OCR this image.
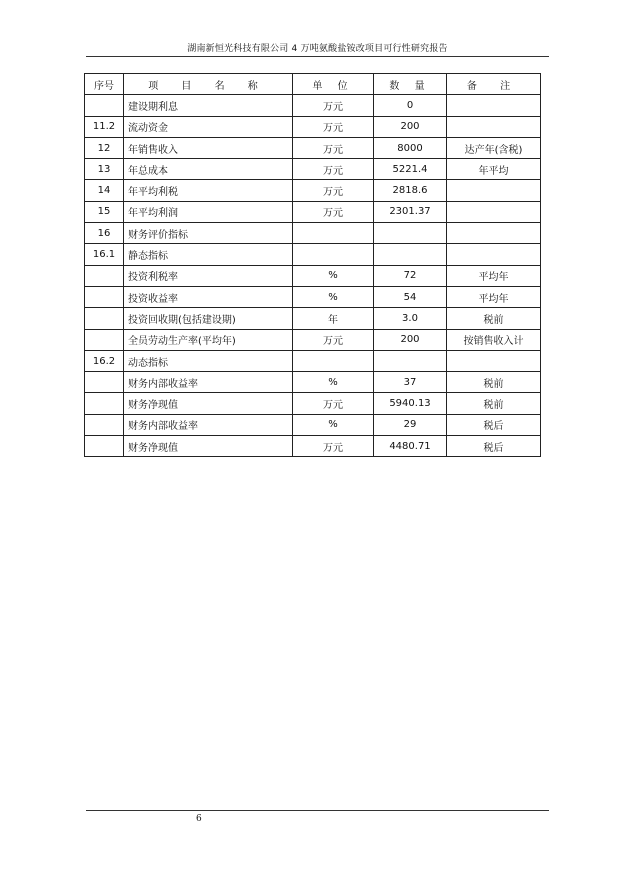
湖南新恒光科技有限公司 4 万吨氨酸盐铵改项目可行性研究报告
序号	项 目 名 称	单 位	数 量	备 注
	建设期利息	万元	0	
11.2	流动资金	万元	200	
12	年销售收入	万元	8000	达产年(含税)
13	年总成本	万元	5221.4	年平均
14	年平均利税	万元	2818.6	
15	年平均利润	万元	2301.37	
16	财务评价指标			
16.1	静态指标			
	投资利税率	%	72	平均年
	投资收益率	%	54	平均年
	投资回收期(包括建设期)	年	3.0	税前
	全员劳动生产率(平均年)	万元	200	按销售收入计
16.2	动态指标			
	财务内部收益率	%	37	税前
	财务净现值	万元	5940.13	税前
	财务内部收益率	%	29	税后
	财务净现值	万元	4480.71	税后
6
